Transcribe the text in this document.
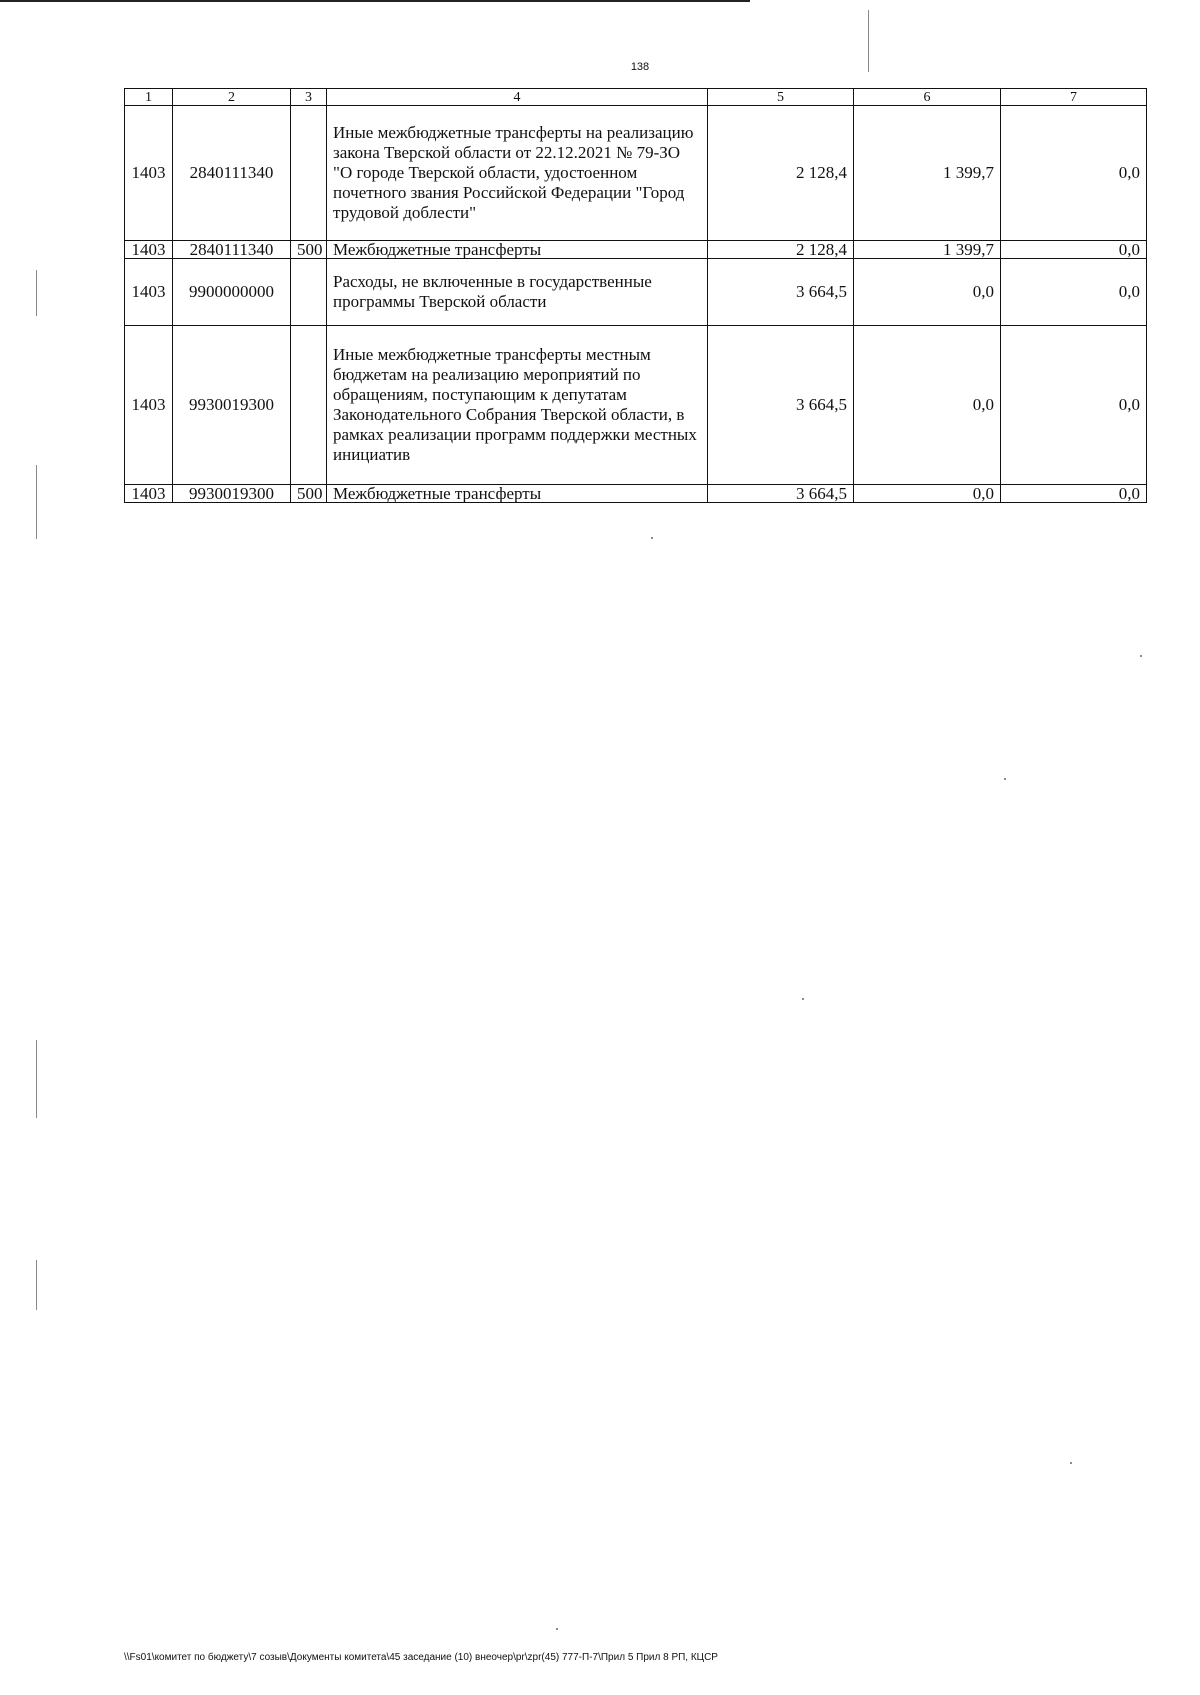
138
1	2	3	4	5	6	7
1403	2840111340		Иные межбюджетные трансферты на реализацию закона Тверской области от 22.12.2021 № 79-ЗО "О городе Тверской области, удостоенном почетного звания Российской Федерации "Город трудовой доблести"	2 128,4	1 399,7	0,0
1403	2840111340	500	Межбюджетные трансферты	2 128,4	1 399,7	0,0
1403	9900000000		Расходы, не включенные в государственные программы Тверской области	3 664,5	0,0	0,0
1403	9930019300		Иные межбюджетные трансферты местным бюджетам на реализацию мероприятий по обращениям, поступающим к депутатам Законодательного Собрания Тверской области, в рамках реализации программ поддержки местных инициатив	3 664,5	0,0	0,0
1403	9930019300	500	Межбюджетные трансферты	3 664,5	0,0	0,0
\\Fs01\комитет по бюджету\7 созыв\Документы комитета\45 заседание (10) внеочер\pr\zpr(45) 777-П-7\Прил 5 Прил 8 РП, КЦСР
